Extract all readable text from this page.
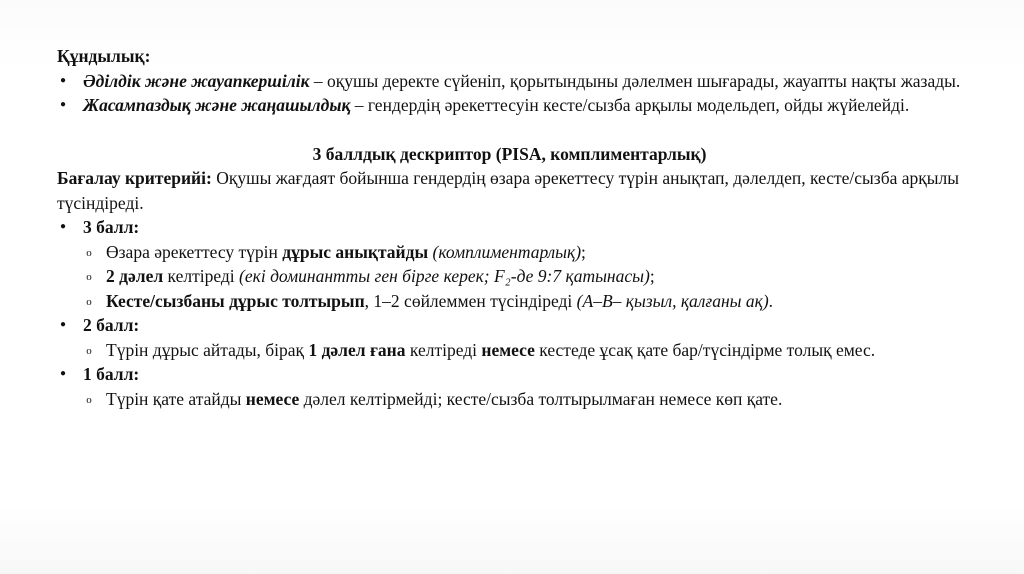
Құндылық:

● Әділдік және жауапкершілік – оқушы деректе сүйеніп, қорытындыны дәлелмен шығарады, жауапты нақты жазады.
● Жасампаздық және жаңашылдық – гендердің әрекеттесуін кесте/сызба арқылы модельдеп, ойды жүйелейді.

3 баллдық дескриптор (PISA, комплиментарлық)

Бағалау критерийі: Оқушы жағдаят бойынша гендердің өзара әрекеттесу түрін анықтап, дәлелдеп, кесте/сызба арқылы түсіндіреді.

● 3 балл:
o Өзара әрекеттесу түрін дұрыс анықтайды (комплиментарлық);
o 2 дәлел келтіреді (екі доминантты ген бірге керек; F₂-де 9:7 қатынасы);
o Кесте/сызбаны дұрыс толтырып, 1–2 сөйлеммен түсіндіреді (A–B– қызыл, қалғаны ақ).
● 2 балл:
o Түрін дұрыс айтады, бірақ 1 дәлел ғана келтіреді немесе кестеде ұсақ қате бар/түсіндірме толық емес.
● 1 балл:
o Түрін қате атайды немесе дәлел келтірмейді; кесте/сызба толтырылмаған немесе көп қате.
